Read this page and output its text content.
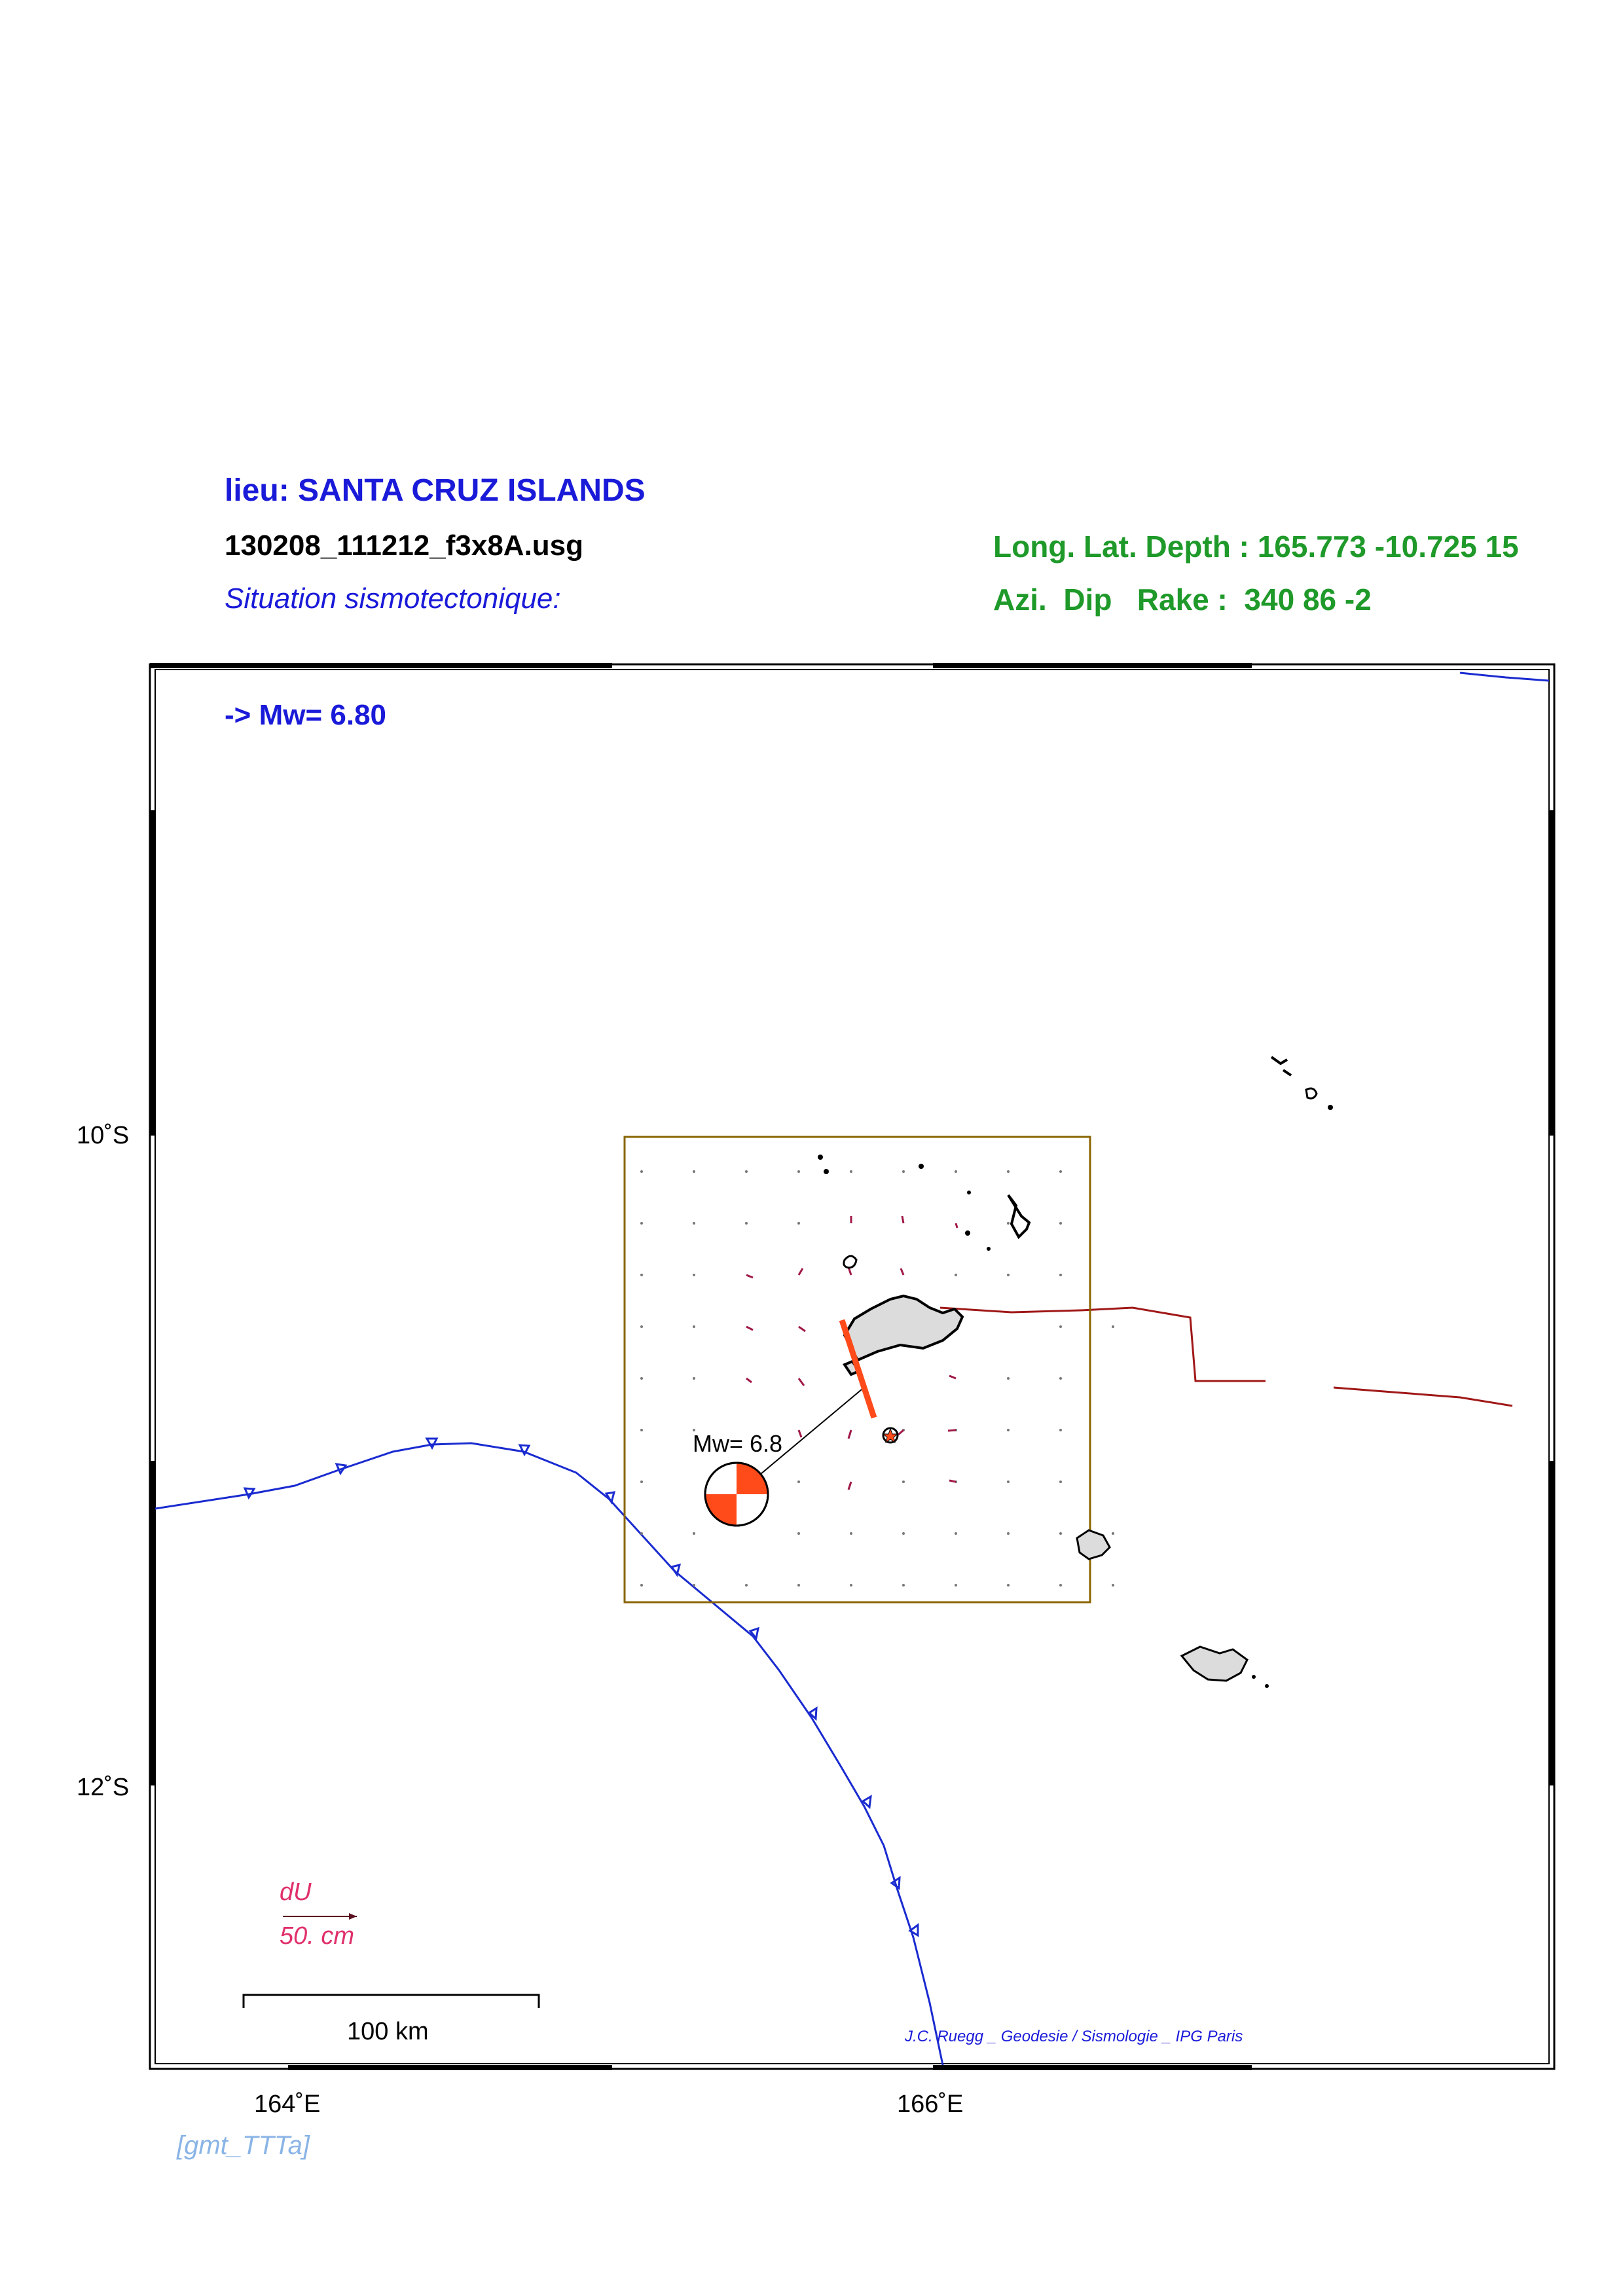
lieu: SANTA CRUZ ISLANDS
130208_111212_f3x8A.usg
Situation sismotectonique:
Long. Lat. Depth : 165.773 -10.725 15
Azi.  Dip   Rake :  340 86 -2
10˚S
12˚S
164˚E	166˚E
-> Mw= 6.80
Mw= 6.8
dU
50. cm
100 km	J.C. Ruegg _ Geodesie / Sismologie _ IPG Paris
[gmt_TTTa]
